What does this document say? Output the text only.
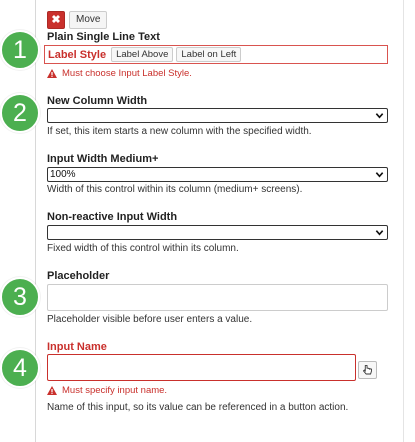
✖	Move
Plain Single Line Text
Label Style	Label Above	Label on Left
Must choose Input Label Style.
New Column Width
If set, this item starts a new column with the specified width.
Input Width Medium+
100%
Width of this control within its column (medium+ screens).
Non-reactive Input Width
Fixed width of this control within its column.
Placeholder
Placeholder visible before user enters a value.
Input Name
Must specify input name.
Name of this input, so its value can be referenced in a button action.
1
2
3
4
